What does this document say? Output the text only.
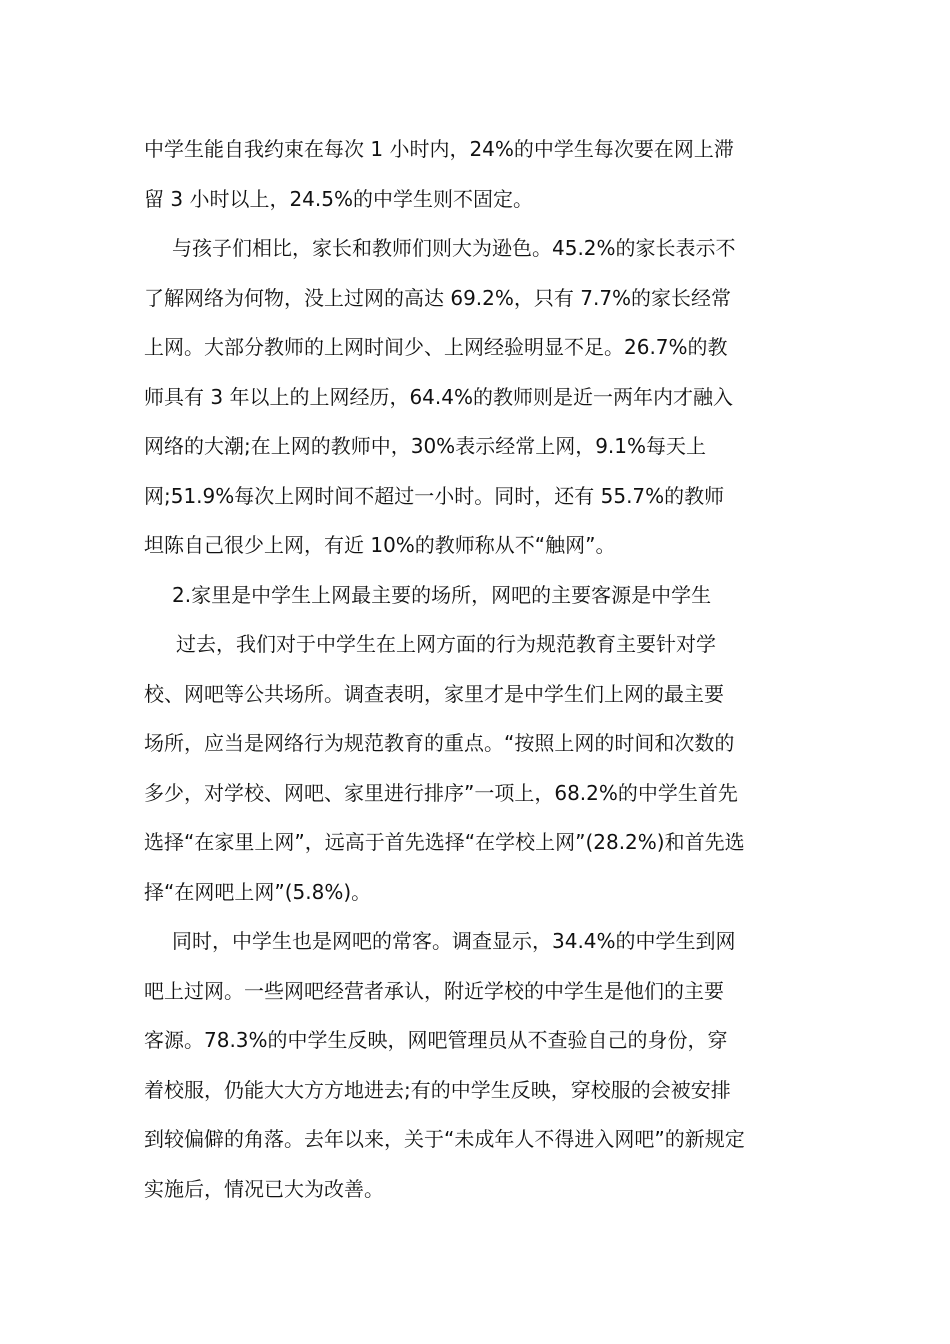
中学生能自我约束在每次 1 小时内，24%的中学生每次要在网上滞
留 3 小时以上，24.5%的中学生则不固定。
与孩子们相比，家长和教师们则大为逊色。45.2%的家长表示不
了解网络为何物，没上过网的高达 69.2%，只有 7.7%的家长经常
上网。大部分教师的上网时间少、上网经验明显不足。26.7%的教
师具有 3 年以上的上网经历，64.4%的教师则是近一两年内才融入
网络的大潮;在上网的教师中，30%表示经常上网，9.1%每天上
网;51.9%每次上网时间不超过一小时。同时，还有 55.7%的教师
坦陈自己很少上网，有近 10%的教师称从不“触网”。
2.家里是中学生上网最主要的场所，网吧的主要客源是中学生
过去，我们对于中学生在上网方面的行为规范教育主要针对学
校、网吧等公共场所。调查表明，家里才是中学生们上网的最主要
场所，应当是网络行为规范教育的重点。“按照上网的时间和次数的
多少，对学校、网吧、家里进行排序”一项上，68.2%的中学生首先
选择“在家里上网”，远高于首先选择“在学校上网”(28.2%)和首先选
择“在网吧上网”(5.8%)。
同时，中学生也是网吧的常客。调查显示，34.4%的中学生到网
吧上过网。一些网吧经营者承认，附近学校的中学生是他们的主要
客源。78.3%的中学生反映，网吧管理员从不查验自己的身份，穿
着校服，仍能大大方方地进去;有的中学生反映，穿校服的会被安排
到较偏僻的角落。去年以来，关于“未成年人不得进入网吧”的新规定
实施后，情况已大为改善。
